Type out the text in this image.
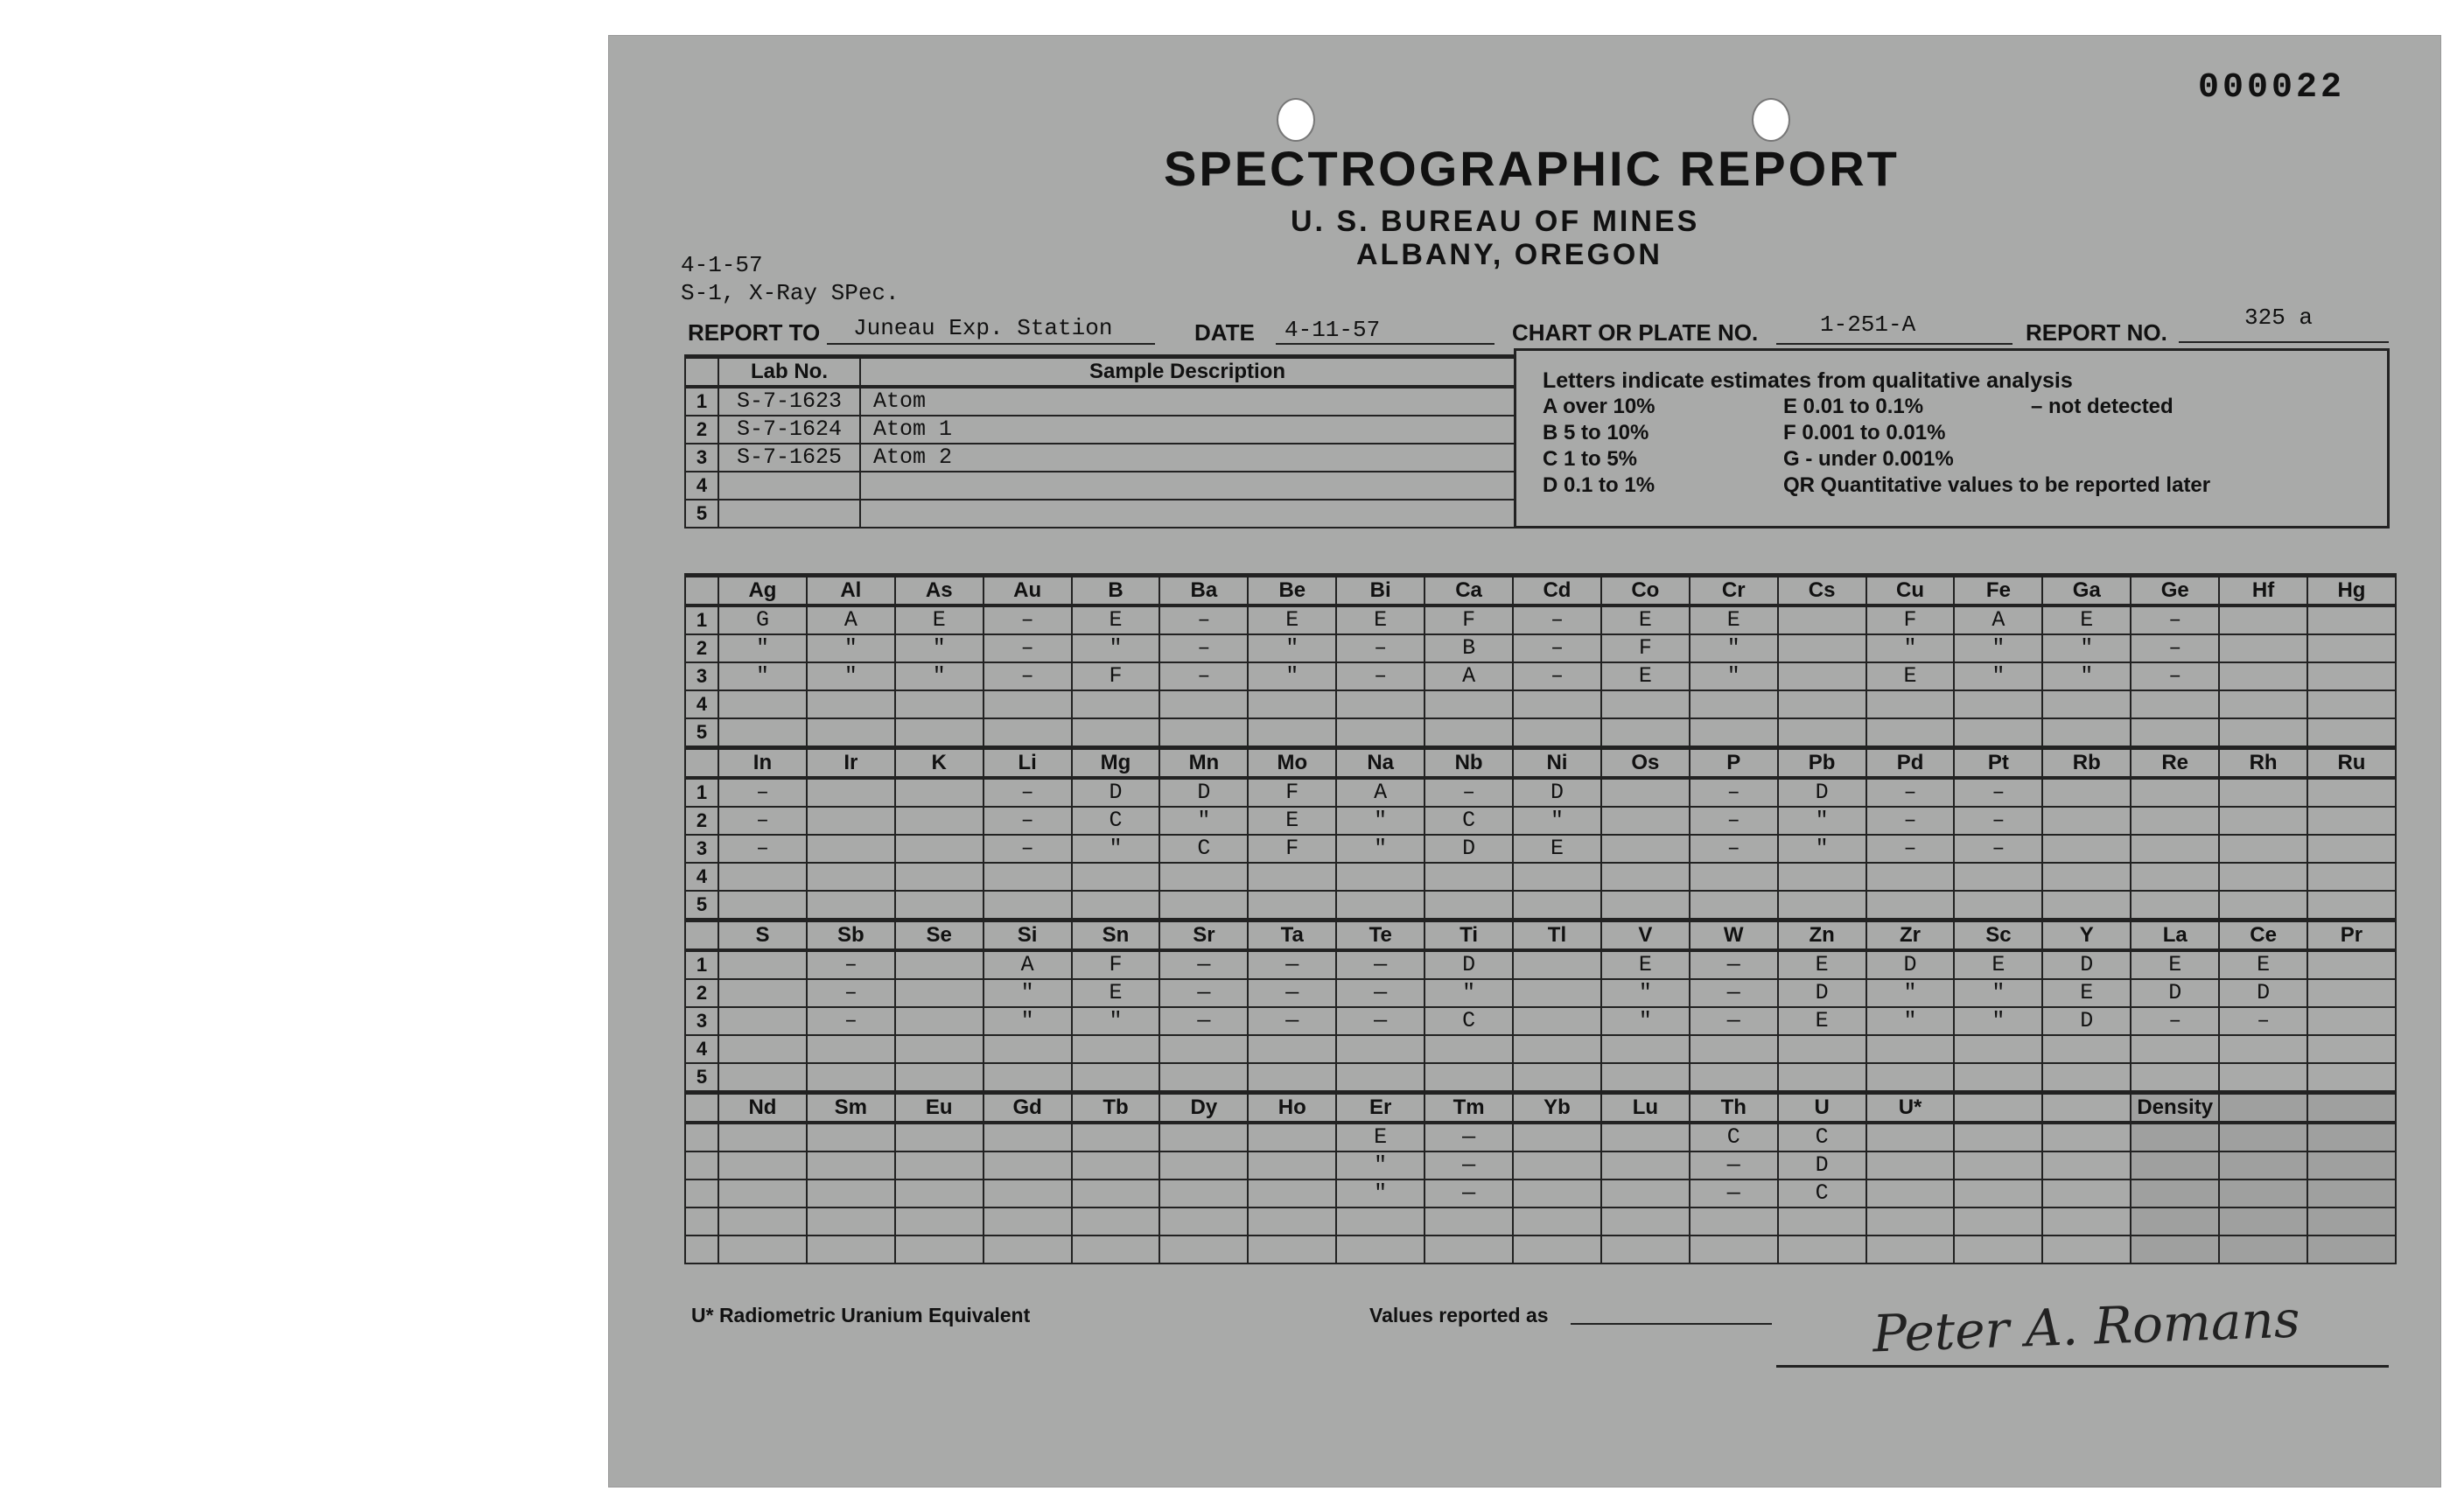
000022
SPECTROGRAPHIC REPORT
U. S. BUREAU OF MINES
ALBANY, OREGON
4-1-57
S-1, X-Ray SPec.
REPORT TO Juneau Exp. Station	DATE 4-11-57	CHART OR PLATE NO.	1-251-A	REPORT NO.
325 a
	Lab No.	Sample Description
1	S-7-1623	Atom
2	S-7-1624	Atom 1
3	S-7-1625	Atom 2
4		
5		
Letters indicate estimates from qualitative analysis
A over 10%
B 5 to 10%
C 1 to 5%
D 0.1 to 1%
E 0.01 to 0.1%
F 0.001 to 0.01%
G - under 0.001%
QR Quantitative values to be reported later
– not detected
	Ag	Al	As	Au	B	Ba	Be	Bi	Ca	Cd	Co	Cr	Cs	Cu	Fe	Ga	Ge	Hf	Hg
1	G	A	E	–	E	–	E	E	F	–	E	E		F	A	E	–		
2	"	"	"	–	"	–	"	–	B	–	F	"		"	"	"	–		
3	"	"	"	–	F	–	"	–	A	–	E	"		E	"	"	–		
4																			
5																			
	In	Ir	K	Li	Mg	Mn	Mo	Na	Nb	Ni	Os	P	Pb	Pd	Pt	Rb	Re	Rh	Ru
1	–			–	D	D	F	A	–	D		–	D	–	–				
2	–			–	C	"	E	"	C	"		–	"	–	–				
3	–			–	"	C	F	"	D	E		–	"	–	–				
4																			
5																			
	S	Sb	Se	Si	Sn	Sr	Ta	Te	Ti	Tl	V	W	Zn	Zr	Sc	Y	La	Ce	Pr
1		–		A	F	—	—	—	D		E	—	E	D	E	D	E	E	
2		–		"	E	—	—	—	"		"	—	D	"	"	E	D	D	
3		–		"	"	—	—	—	C		"	—	E	"	"	D	–	–	
4																			
5																			
	Nd	Sm	Eu	Gd	Tb	Dy	Ho	Er	Tm	Yb	Lu	Th	U	U*			Density		
								E	—			C	C						
								"	—			—	D						
								"	—			—	C						

U* Radiometric Uranium Equivalent	Values reported as	Peter A. Romans
